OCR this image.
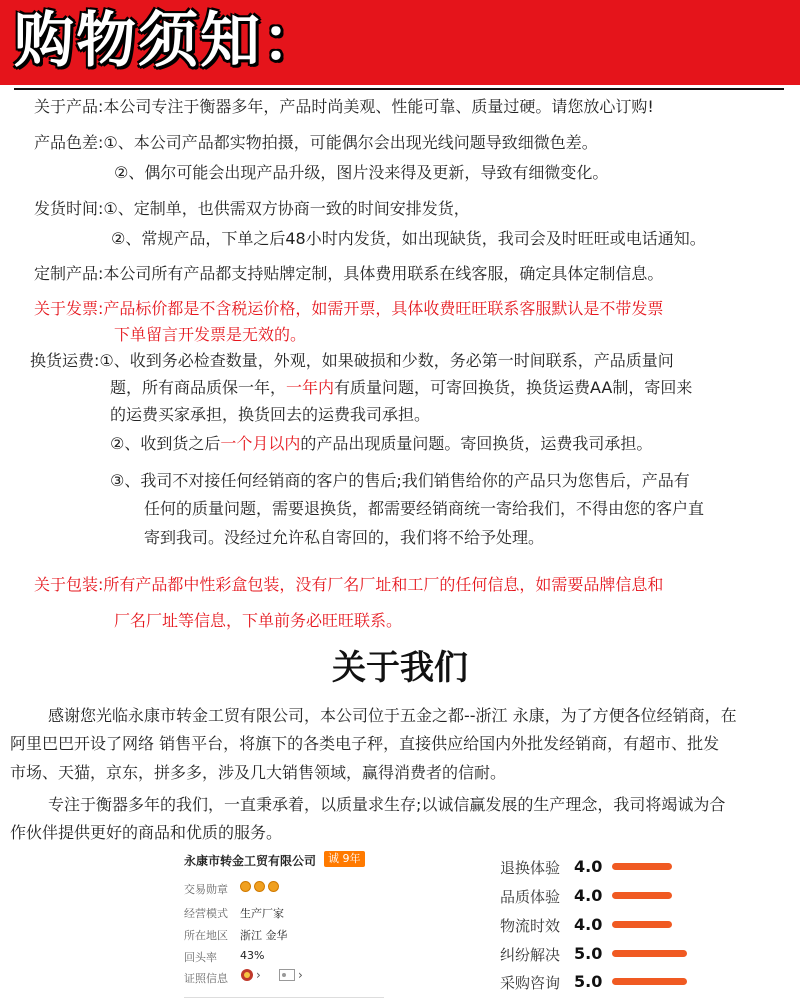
购物须知：
关于产品:本公司专注于衡器多年，产品时尚美观、性能可靠、质量过硬。请您放心订购!
产品色差:①、本公司产品都实物拍摄，可能偶尔会出现光线问题导致细微色差。
②、偶尔可能会出现产品升级，图片没来得及更新，导致有细微变化。
发货时间:①、定制单，也供需双方协商一致的时间安排发货，
②、常规产品，下单之后48小时内发货，如出现缺货，我司会及时旺旺或电话通知。
定制产品:本公司所有产品都支持贴牌定制，具体费用联系在线客服，确定具体定制信息。
关于发票:产品标价都是不含税运价格，如需开票，具体收费旺旺联系客服默认是不带发票
下单留言开发票是无效的。
换货运费:①、收到务必检查数量，外观，如果破损和少数，务必第一时间联系，产品质量问
题，所有商品质保一年，一年内有质量问题，可寄回换货，换货运费AA制，寄回来
的运费买家承担，换货回去的运费我司承担。
②、收到货之后一个月以内的产品出现质量问题。寄回换货，运费我司承担。
③、我司不对接任何经销商的客户的售后;我们销售给你的产品只为您售后，产品有
任何的质量问题，需要退换货，都需要经销商统一寄给我们，不得由您的客户直
寄到我司。没经过允许私自寄回的，我们将不给予处理。
关于包装:所有产品都中性彩盒包装，没有厂名厂址和工厂的任何信息，如需要品牌信息和
厂名厂址等信息，下单前务必旺旺联系。
关于我们
感谢您光临永康市转金工贸有限公司，本公司位于五金之都--浙江 永康，为了方便各位经销商，在
阿里巴巴开设了网络 销售平台，将旗下的各类电子秤，直接供应给国内外批发经销商，有超市、批发
市场、天猫，京东，拼多多，涉及几大销售领域，赢得消费者的信耐。
专注于衡器多年的我们，一直秉承着，以质量求生存;以诚信赢发展的生产理念，我司将竭诚为合
作伙伴提供更好的商品和优质的服务。
永康市转金工贸有限公司	诚 9年
交易勋章
经营模式 生产厂家
所在地区 浙江 金华
回头率 43%
证照信息 ›	›
退换体验 4.0
品质体验 4.0
物流时效 4.0
纠纷解决 5.0
采购咨询 5.0
